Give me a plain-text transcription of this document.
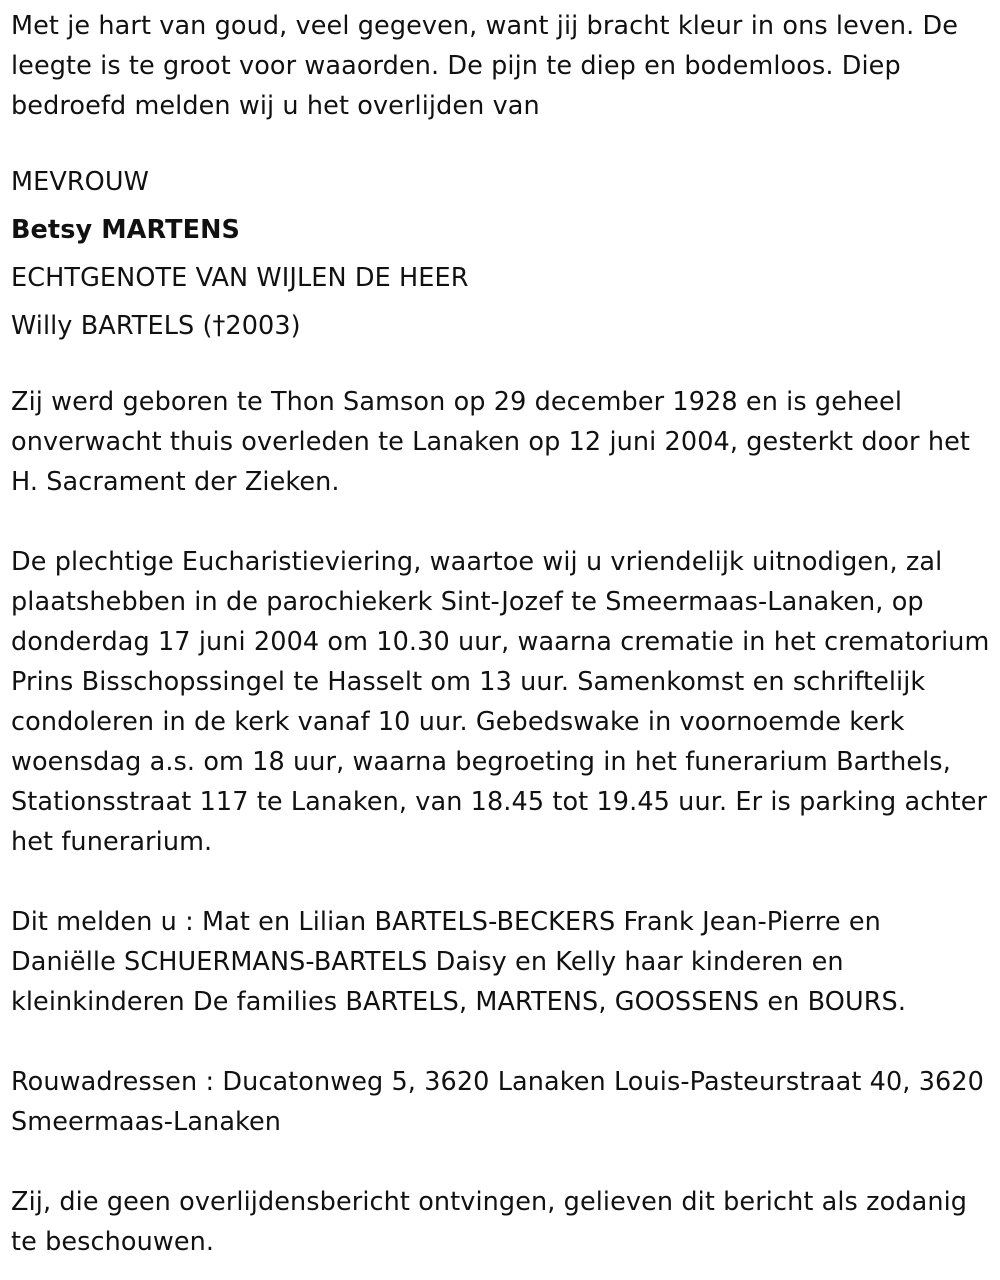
Met je hart van goud, veel gegeven, want jij bracht kleur in ons leven. De leegte is te groot voor waaorden. De pijn te diep en bodemloos. Diep bedroefd melden wij u het overlijden van

MEVROUW

Betsy MARTENS

ECHTGENOTE VAN WIJLEN DE HEER

Willy BARTELS (†2003)

Zij werd geboren te Thon Samson op 29 december 1928 en is geheel onverwacht thuis overleden te Lanaken op 12 juni 2004, gesterkt door het H. Sacrament der Zieken.

De plechtige Eucharistieviering, waartoe wij u vriendelijk uitnodigen, zal plaatshebben in de parochiekerk Sint-Jozef te Smeermaas-Lanaken, op donderdag 17 juni 2004 om 10.30 uur, waarna crematie in het crematorium Prins Bisschopssingel te Hasselt om 13 uur. Samenkomst en schriftelijk condoleren in de kerk vanaf 10 uur. Gebedswake in voornoemde kerk woensdag a.s. om 18 uur, waarna begroeting in het funerarium Barthels, Stationsstraat 117 te Lanaken, van 18.45 tot 19.45 uur. Er is parking achter het funerarium.

Dit melden u : Mat en Lilian BARTELS-BECKERS Frank Jean-Pierre en Daniëlle SCHUERMANS-BARTELS Daisy en Kelly haar kinderen en kleinkinderen De families BARTELS, MARTENS, GOOSSENS en BOURS.

Rouwadressen : Ducatonweg 5, 3620 Lanaken Louis-Pasteurstraat 40, 3620 Smeermaas-Lanaken

Zij, die geen overlijdensbericht ontvingen, gelieven dit bericht als zodanig te beschouwen.
